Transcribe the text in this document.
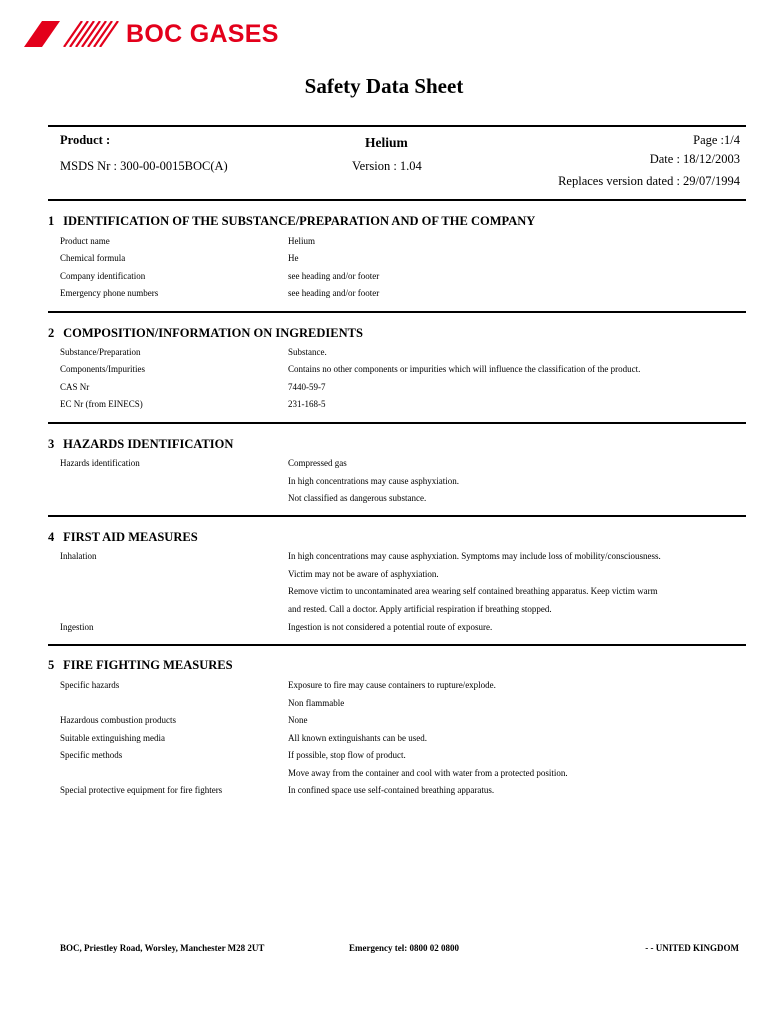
BOC GASES
Safety Data Sheet
Product :	Helium	Page :1/4
MSDS Nr : 300-00-0015BOC(A)	Version : 1.04	Date : 18/12/2003
Replaces version dated : 29/07/1994
1 IDENTIFICATION OF THE SUBSTANCE/PREPARATION AND OF THE COMPANY
Product name	Helium
Chemical formula	He
Company identification	see heading and/or footer
Emergency phone numbers	see heading and/or footer
2 COMPOSITION/INFORMATION ON INGREDIENTS
Substance/Preparation	Substance.
Components/Impurities	Contains no other components or impurities which will influence the classification of the product.
CAS Nr	7440-59-7
EC Nr (from EINECS)	231-168-5
3 HAZARDS IDENTIFICATION
Hazards identification	Compressed gas
In high concentrations may cause asphyxiation.
Not classified as dangerous substance.
4 FIRST AID MEASURES
Inhalation	In high concentrations may cause asphyxiation. Symptoms may include loss of mobility/consciousness.
Victim may not be aware of asphyxiation.
Remove victim to uncontaminated area wearing self contained breathing apparatus. Keep victim warm
and rested. Call a doctor. Apply artificial respiration if breathing stopped.
Ingestion	Ingestion is not considered a potential route of exposure.
5 FIRE FIGHTING MEASURES
Specific hazards	Exposure to fire may cause containers to rupture/explode.
Non flammable
Hazardous combustion products	None
Suitable extinguishing media	All known extinguishants can be used.
Specific methods	If possible, stop flow of product.
Move away from the container and cool with water from a protected position.
Special protective equipment for fire fighters	In confined space use self-contained breathing apparatus.
BOC, Priestley Road, Worsley, Manchester M28 2UT	Emergency tel: 0800 02 0800	- - UNITED KINGDOM
